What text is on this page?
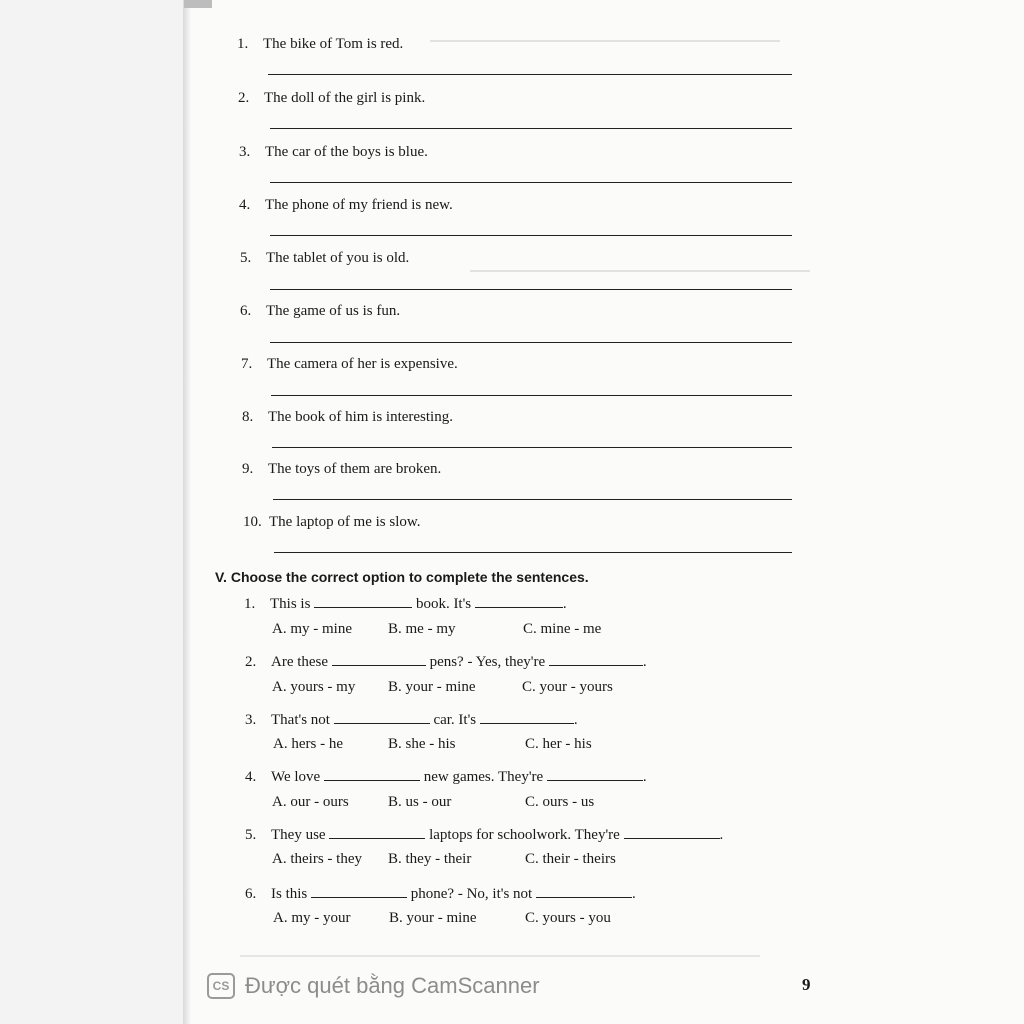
1. The bike of Tom is red.
2. The doll of the girl is pink.
3. The car of the boys is blue.
4. The phone of my friend is new.
5. The tablet of you is old.
6. The game of us is fun.
7. The camera of her is expensive.
8. The book of him is interesting.
9. The toys of them are broken.
10. The laptop of me is slow.
V. Choose the correct option to complete the sentences.
1. This is	book. It's	.
A. my - mine B. me - my	C. mine - me
2. Are these	pens? - Yes, they're	.
A. yours - my B. your - mine	C. your - yours
3. That's not	car. It's	.
A. hers - he	B. she - his	C. her - his
4. We love	new games. They're	.
A. our - ours	B. us - our	C. ours - us
5. They use	laptops for schoolwork. They're	.
A. theirs - they B. they - their	C. their - theirs
6. Is this	phone? - No, it's not	.
A. my - your	B. your - mine	C. yours - you
CS Được quét bằng CamScanner	9
